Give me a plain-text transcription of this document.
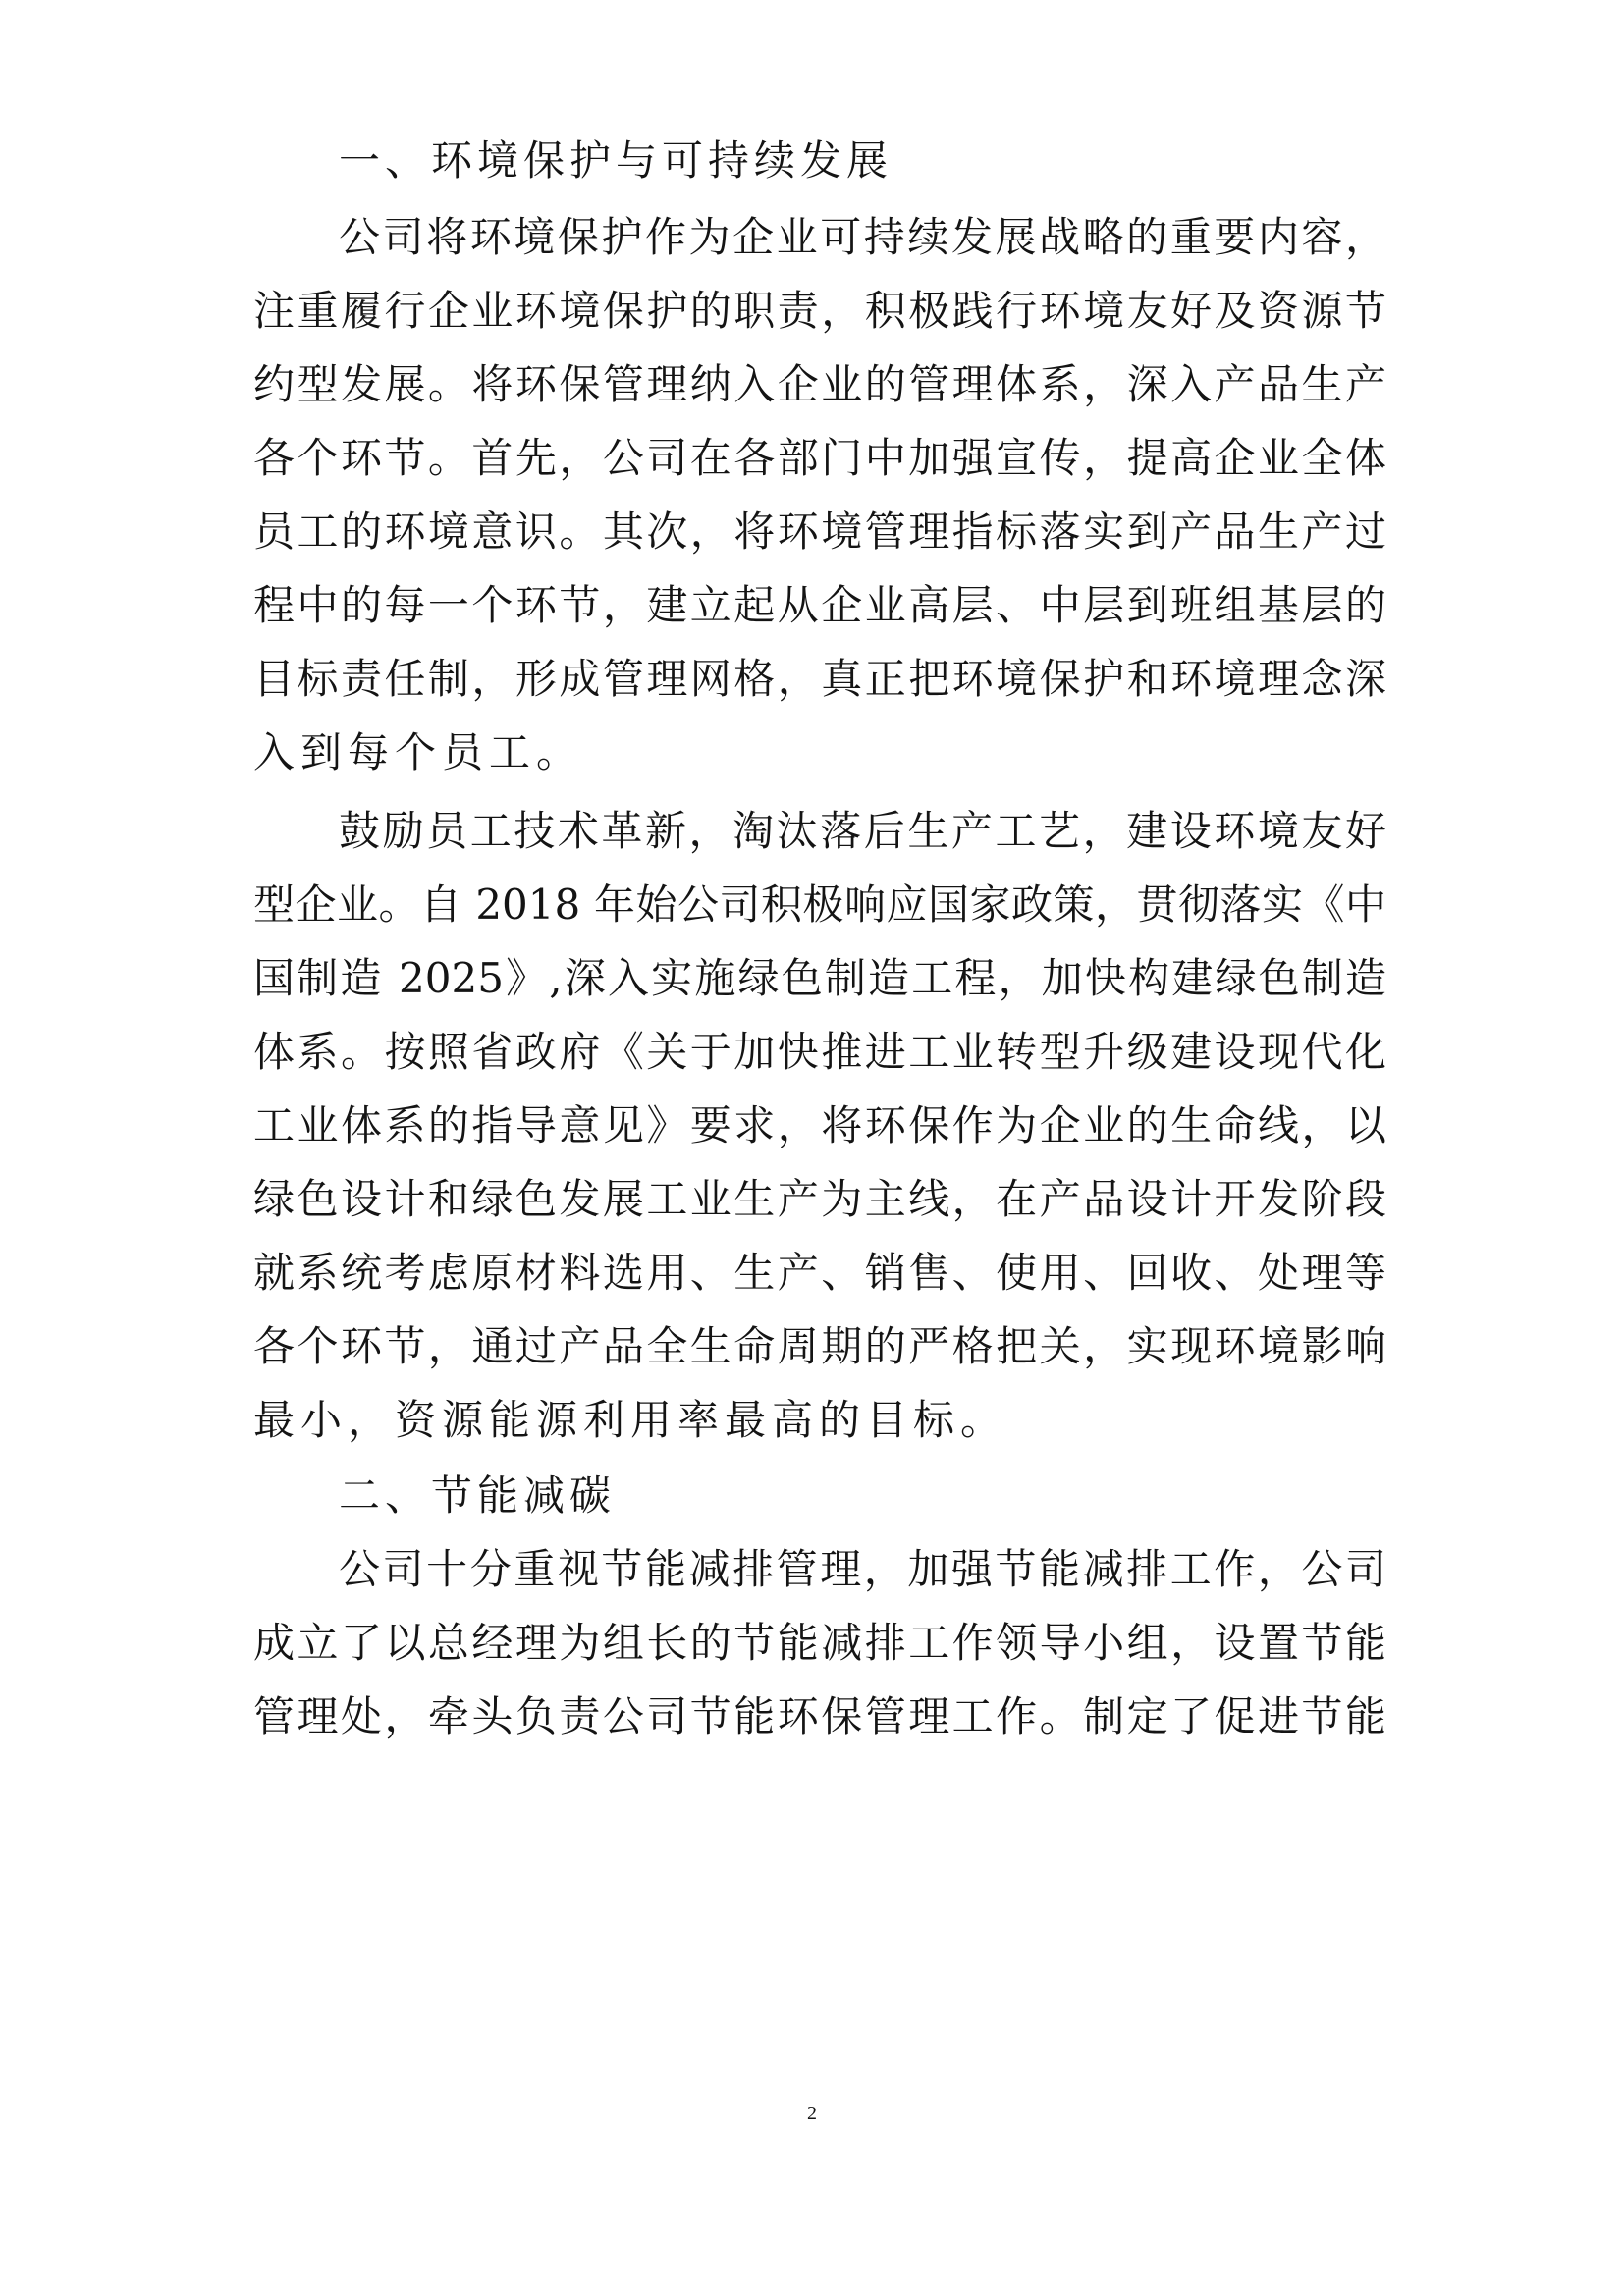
一、环境保护与可持续发展
公司将环境保护作为企业可持续发展战略的重要内容，
注重履行企业环境保护的职责，积极践行环境友好及资源节
约型发展。将环保管理纳入企业的管理体系，深入产品生产
各个环节。首先，公司在各部门中加强宣传，提高企业全体
员工的环境意识。其次，将环境管理指标落实到产品生产过
程中的每一个环节，建立起从企业高层、中层到班组基层的
目标责任制，形成管理网格，真正把环境保护和环境理念深
入到每个员工。
鼓励员工技术革新，淘汰落后生产工艺，建设环境友好
型企业。自 2018 年始公司积极响应国家政策，贯彻落实《中
国制造 2025》,深入实施绿色制造工程，加快构建绿色制造
体系。按照省政府《关于加快推进工业转型升级建设现代化
工业体系的指导意见》要求，将环保作为企业的生命线，以
绿色设计和绿色发展工业生产为主线，在产品设计开发阶段
就系统考虑原材料选用、生产、销售、使用、回收、处理等
各个环节，通过产品全生命周期的严格把关，实现环境影响
最小，资源能源利用率最高的目标。
二、节能减碳
公司十分重视节能减排管理，加强节能减排工作，公司
成立了以总经理为组长的节能减排工作领导小组，设置节能
管理处，牵头负责公司节能环保管理工作。制定了促进节能
2
